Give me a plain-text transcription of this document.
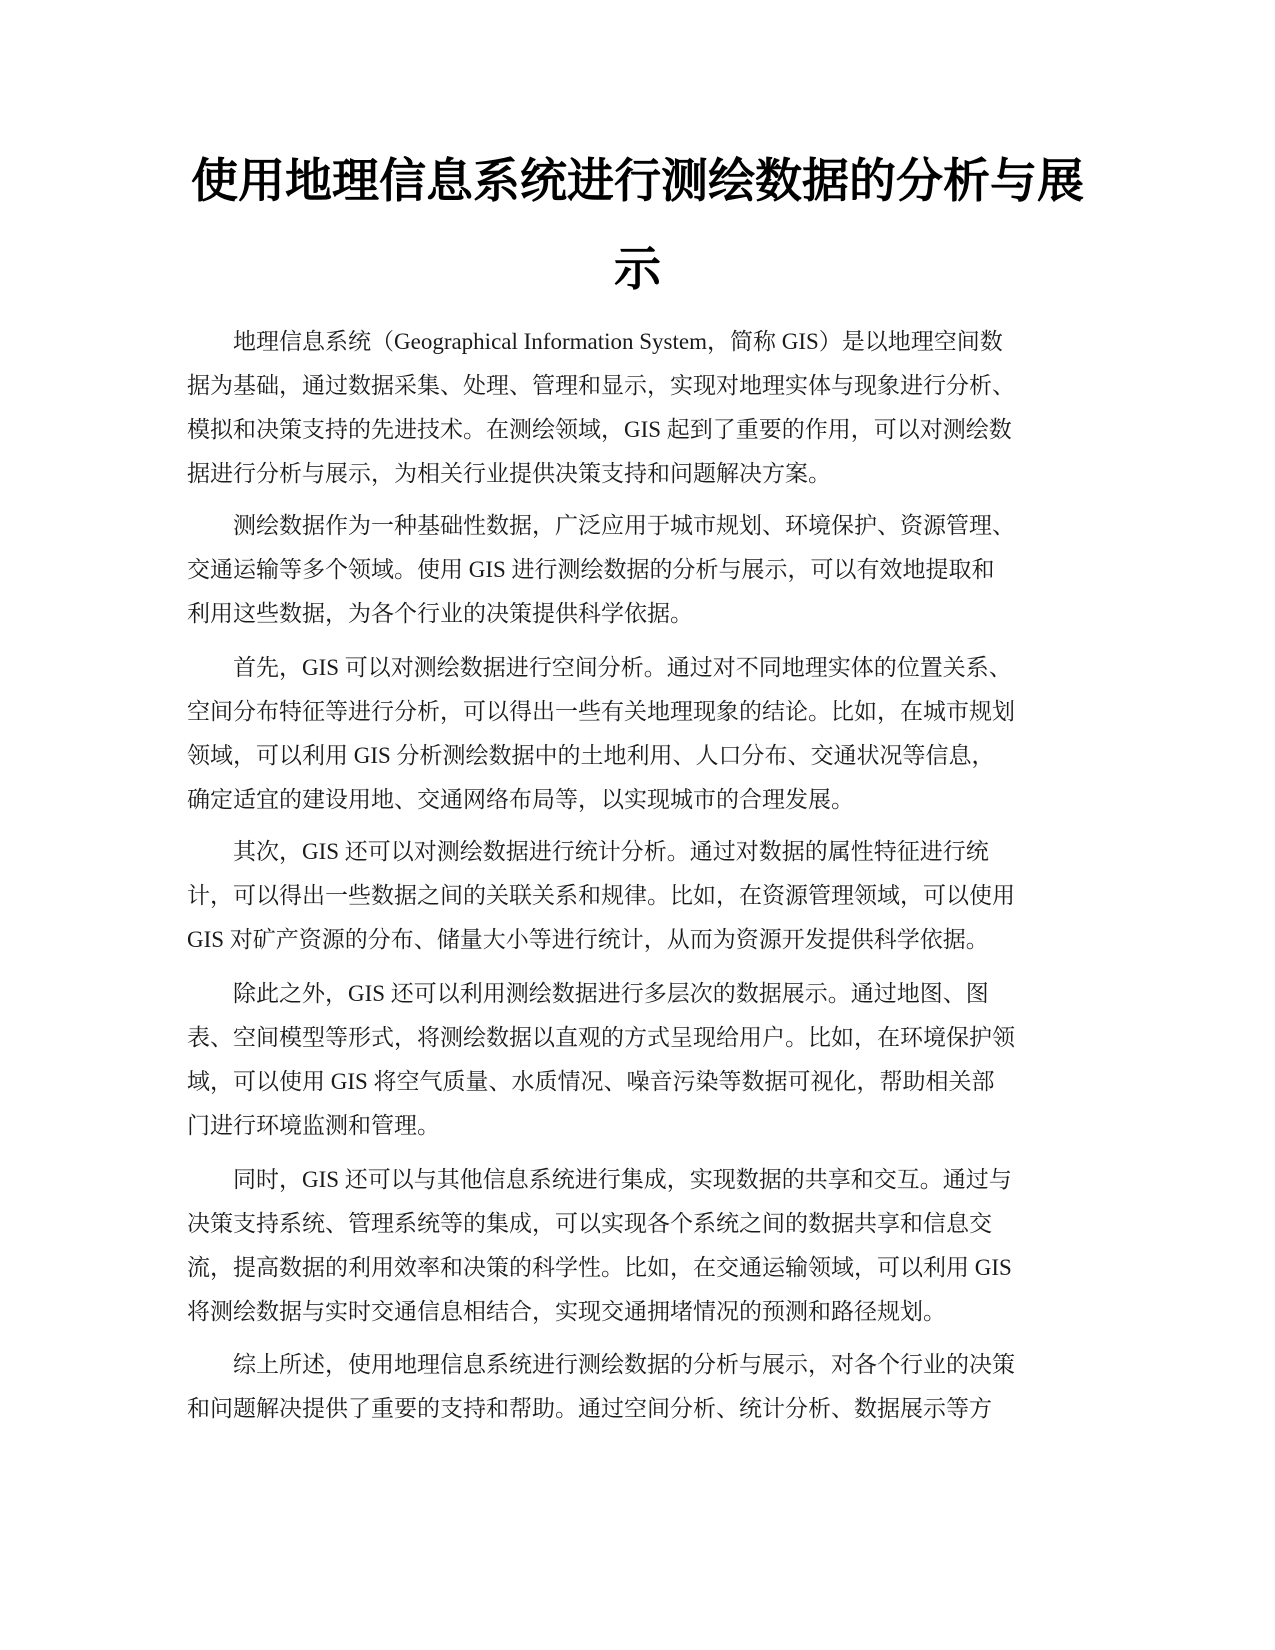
使用地理信息系统进行测绘数据的分析与展
示
地理信息系统（Geographical Information System，简称 GIS）是以地理空间数
据为基础，通过数据采集、处理、管理和显示，实现对地理实体与现象进行分析、
模拟和决策支持的先进技术。在测绘领域，GIS 起到了重要的作用，可以对测绘数
据进行分析与展示，为相关行业提供决策支持和问题解决方案。
测绘数据作为一种基础性数据，广泛应用于城市规划、环境保护、资源管理、
交通运输等多个领域。使用 GIS 进行测绘数据的分析与展示，可以有效地提取和
利用这些数据，为各个行业的决策提供科学依据。
首先，GIS 可以对测绘数据进行空间分析。通过对不同地理实体的位置关系、
空间分布特征等进行分析，可以得出一些有关地理现象的结论。比如，在城市规划
领域，可以利用 GIS 分析测绘数据中的土地利用、人口分布、交通状况等信息，
确定适宜的建设用地、交通网络布局等，以实现城市的合理发展。
其次，GIS 还可以对测绘数据进行统计分析。通过对数据的属性特征进行统
计，可以得出一些数据之间的关联关系和规律。比如，在资源管理领域，可以使用
GIS 对矿产资源的分布、储量大小等进行统计，从而为资源开发提供科学依据。
除此之外，GIS 还可以利用测绘数据进行多层次的数据展示。通过地图、图
表、空间模型等形式，将测绘数据以直观的方式呈现给用户。比如，在环境保护领
域，可以使用 GIS 将空气质量、水质情况、噪音污染等数据可视化，帮助相关部
门进行环境监测和管理。
同时，GIS 还可以与其他信息系统进行集成，实现数据的共享和交互。通过与
决策支持系统、管理系统等的集成，可以实现各个系统之间的数据共享和信息交
流，提高数据的利用效率和决策的科学性。比如，在交通运输领域，可以利用 GIS
将测绘数据与实时交通信息相结合，实现交通拥堵情况的预测和路径规划。
综上所述，使用地理信息系统进行测绘数据的分析与展示，对各个行业的决策
和问题解决提供了重要的支持和帮助。通过空间分析、统计分析、数据展示等方
